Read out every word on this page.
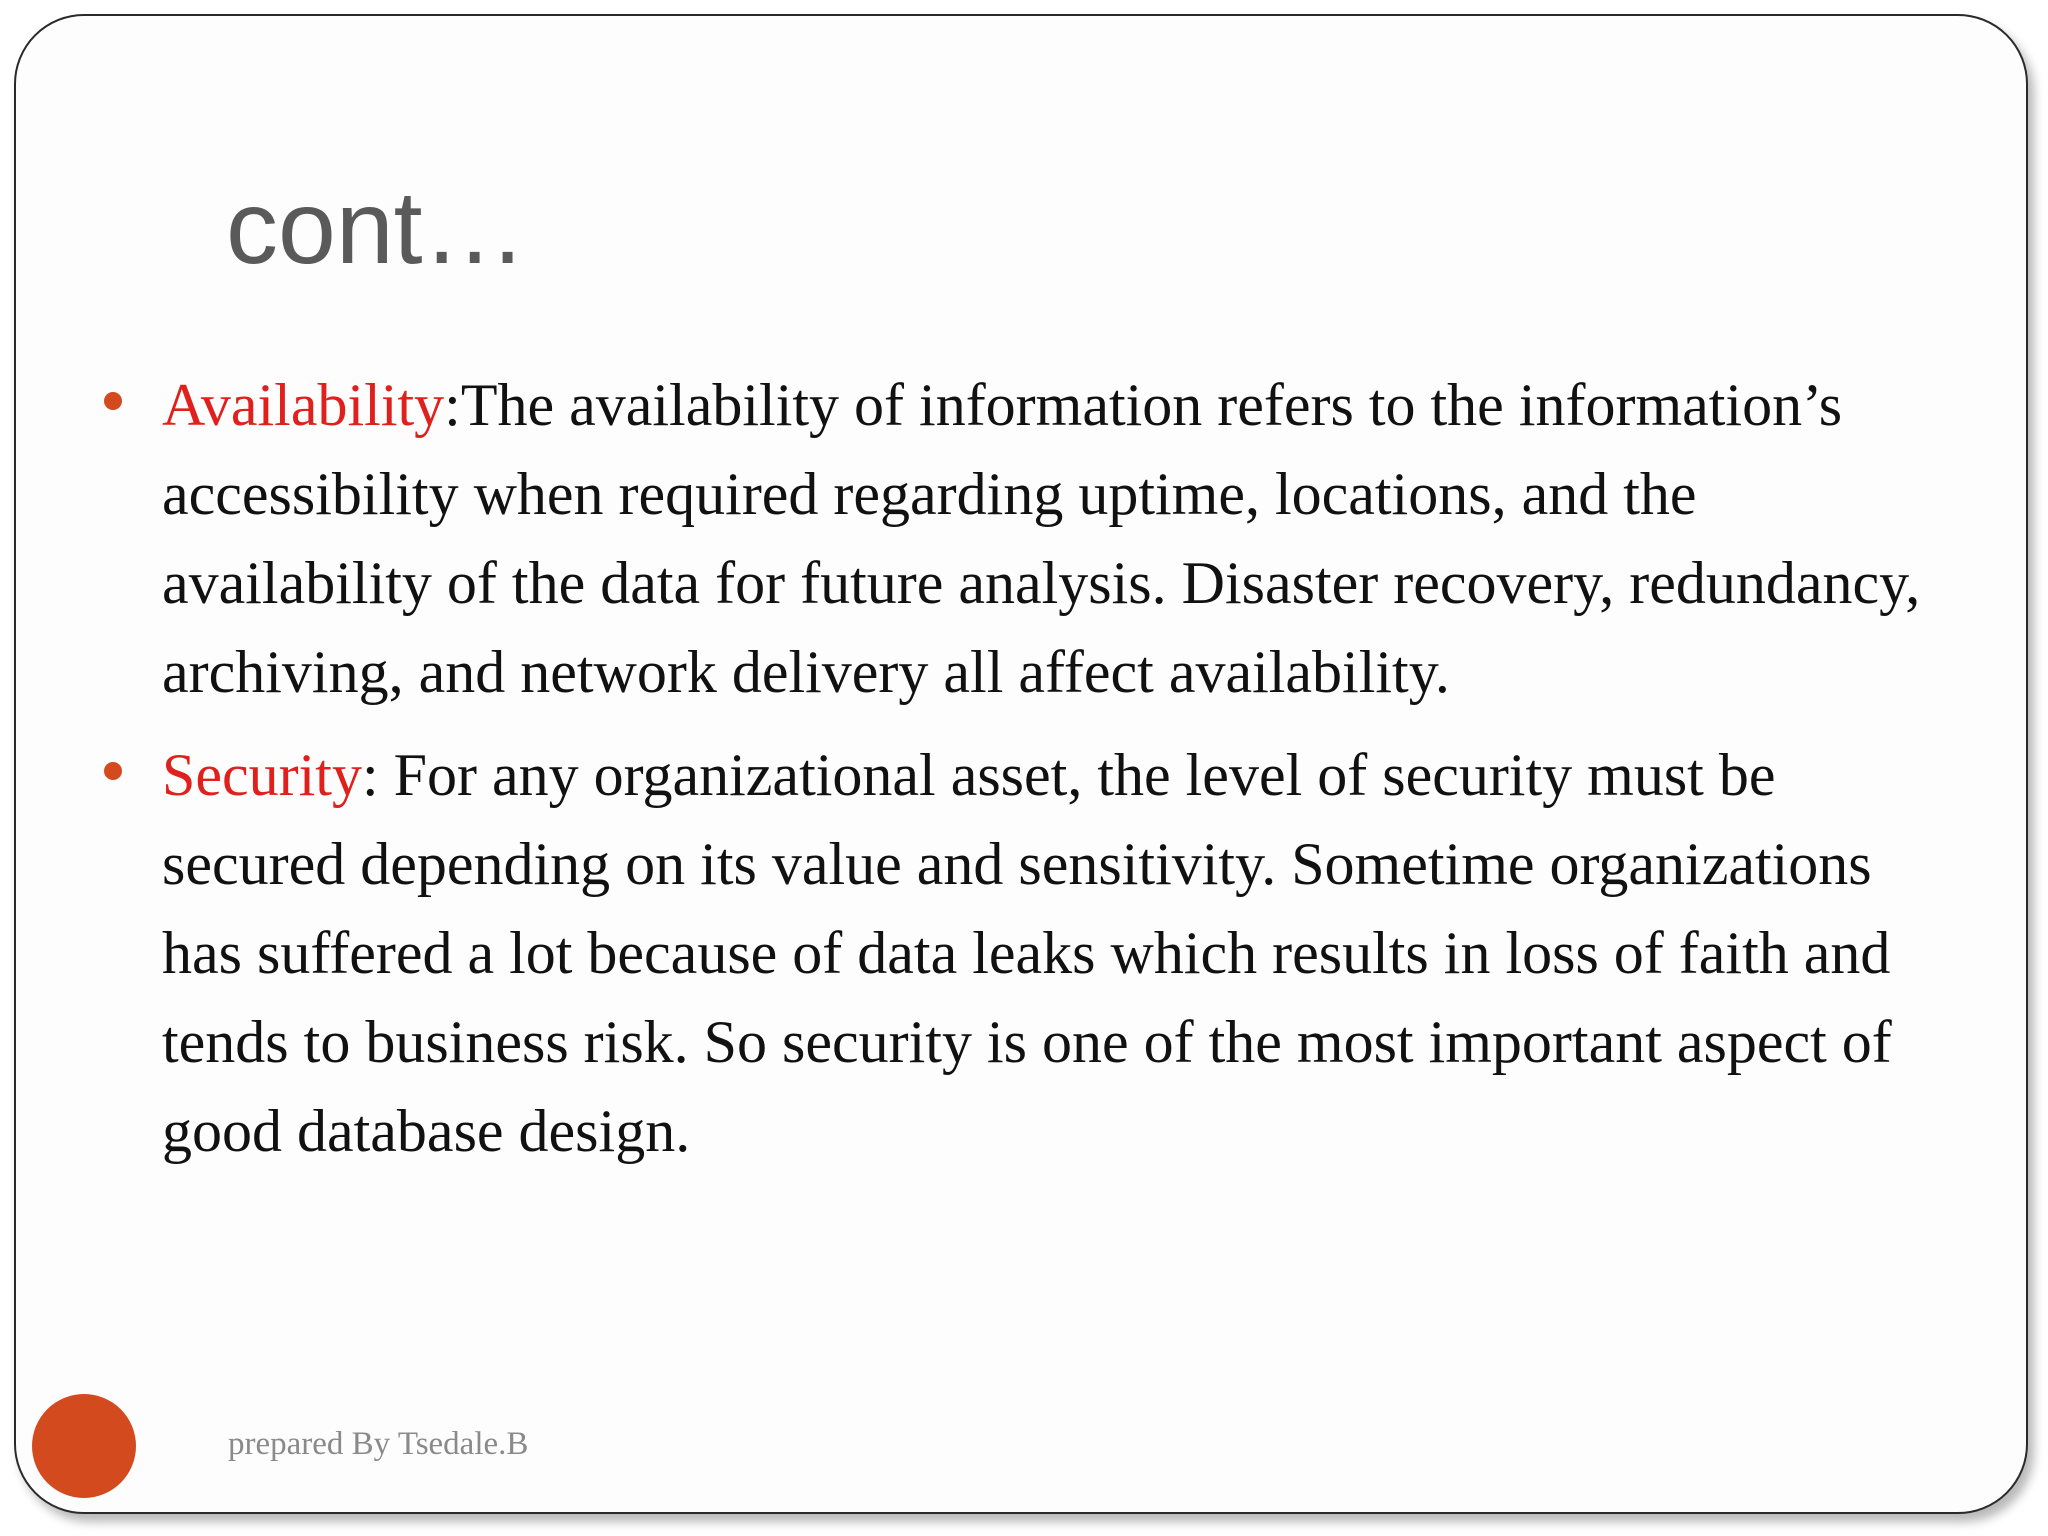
cont…
Availability:The availability of information refers to the information’s accessibility when required regarding uptime, locations, and the availability of the data for future analysis. Disaster recovery, redundancy, archiving, and network delivery all affect availability.
Security: For any organizational asset, the level of security must be secured depending on its value and sensitivity. Sometime organizations has suffered a lot because of data leaks which results in loss of faith and tends to business risk. So security is one of the most important aspect of good database design.
prepared By Tsedale.B
